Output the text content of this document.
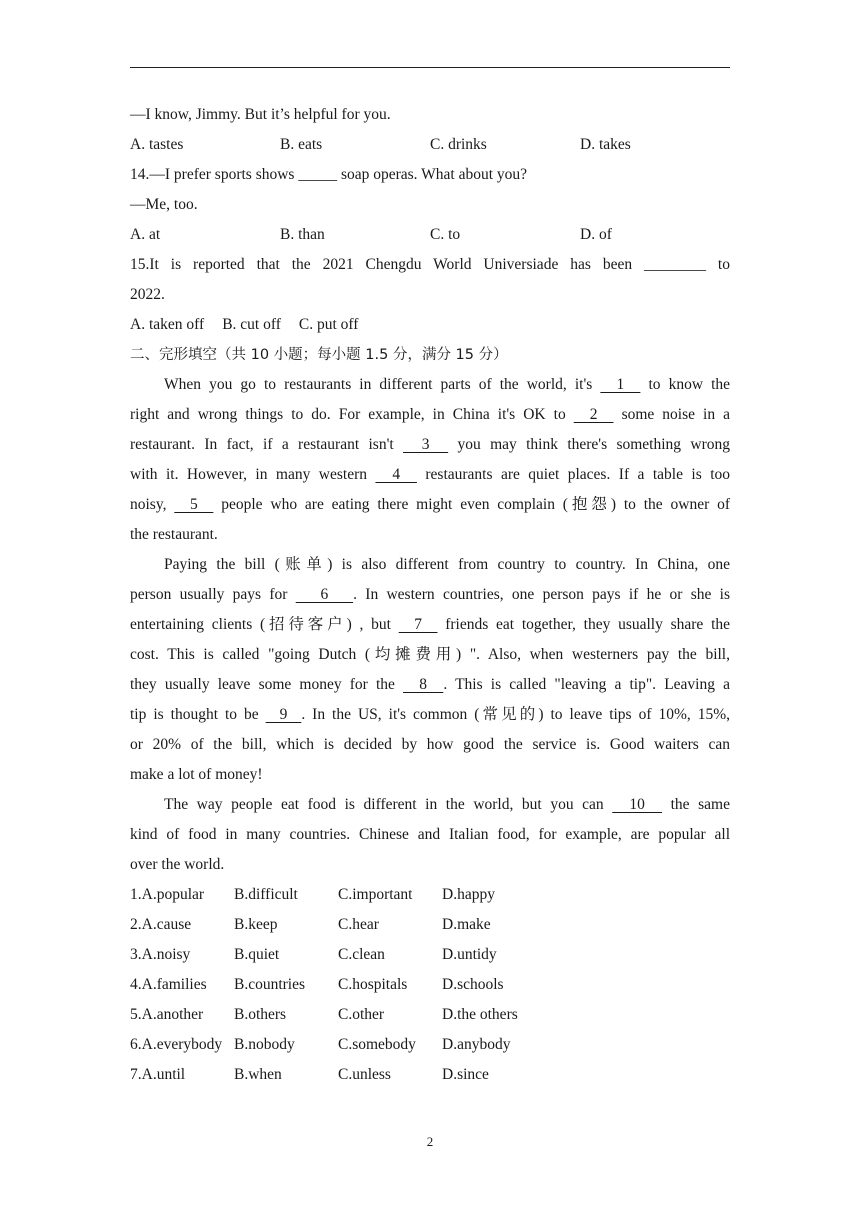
—I know, Jimmy. But it’s helpful for you.
A. tastes	B. eats	C. drinks	D. takes
14.—I prefer sports shows _____ soap operas. What about you?
—Me, too.
A. at	B. than	C. to	D. of
15.It is reported that the 2021 Chengdu World Universiade has been ________ to
2022.
A. taken off B. cut off C. put off
二、完形填空（共 10 小题；每小题 1.5 分，满分 15 分）
When you go to restaurants in different parts of the world, it's   1   to know the
right and wrong things to do. For example, in China it's OK to   2   some noise in a
restaurant. In fact, if a restaurant isn't   3   you may think there's something wrong
with it. However, in many western   4   restaurants are quiet places. If a table is too
noisy,   5   people who are eating there might even complain (抱怨) to the owner of
the restaurant.
Paying the bill (账单) is also different from country to country. In China, one
person usually pays for    6   . In western countries, one person pays if he or she is
entertaining clients (招待客户) , but   7   friends eat together, they usually share the
cost. This is called "going Dutch (均摊费用) ". Also, when westerners pay the bill,
they usually leave some money for the   8  . This is called "leaving a tip". Leaving a
tip is thought to be   9  . In the US, it's common (常见的) to leave tips of 10%, 15%,
or 20% of the bill, which is decided by how good the service is. Good waiters can
make a lot of money!
The way people eat food is different in the world, but you can   10   the same
kind of food in many countries. Chinese and Italian food, for example, are popular all
over the world.
1.A.popular	B.difficult	C.important	D.happy
2.A.cause	B.keep	C.hear	D.make
3.A.noisy	B.quiet	C.clean	D.untidy
4.A.families	B.countries	C.hospitals	D.schools
5.A.another	B.others	C.other	D.the others
6.A.everybody B.nobody	C.somebody	D.anybody
7.A.until	B.when	C.unless	D.since
2
